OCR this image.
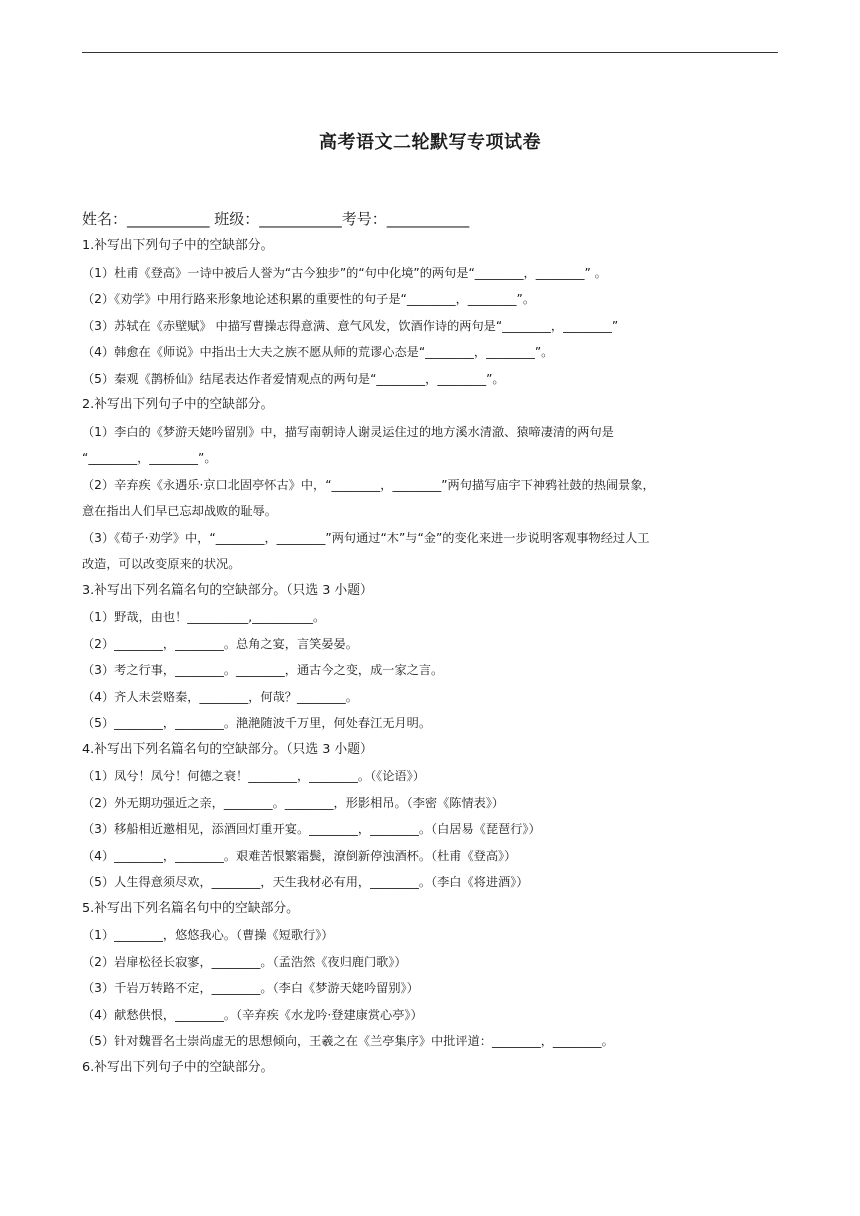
高考语文二轮默写专项试卷
姓名：___________ 班级：___________考号：___________
1.补写出下列句子中的空缺部分。
（1）杜甫《登高》一诗中被后人誉为“古今独步”的“句中化境”的两句是“________，________” 。
（2）《劝学》中用行路来形象地论述积累的重要性的句子是“________，________”。
（3）苏轼在《赤壁赋》 中描写曹操志得意满、意气风发，饮酒作诗的两句是“________，________”
（4）韩愈在《师说》中指出士大夫之族不愿从师的荒谬心态是“________，________”。
（5）秦观《鹊桥仙》结尾表达作者爱情观点的两句是“________，________”。
2.补写出下列句子中的空缺部分。
（1）李白的《梦游天姥吟留别》中，描写南朝诗人谢灵运住过的地方溪水清澈、猿啼凄清的两句是
“________，________”。
（2）辛弃疾《永遇乐·京口北固亭怀古》中，“________，________”两句描写庙宇下神鸦社鼓的热闹景象，
意在指出人们早已忘却战败的耻辱。
（3）《荀子·劝学》中，“________，________”两句通过“木”与“金”的变化来进一步说明客观事物经过人工
改造，可以改变原来的状况。
3.补写出下列名篇名句的空缺部分。（只选 3 小题）
（1）野哉，由也！__________,__________。
（2）________，________。总角之宴，言笑晏晏。
（3）考之行事，________。________，通古今之变，成一家之言。
（4）齐人未尝赂秦，________，何哉？________。
（5）________，________。滟滟随波千万里，何处春江无月明。
4.补写出下列名篇名句的空缺部分。（只选 3 小题）
（1）凤兮！凤兮！何德之衰！________，________。（《论语》）
（2）外无期功强近之亲，________。________，形影相吊。（李密《陈情表》）
（3）移船相近邀相见，添酒回灯重开宴。________，________。（白居易《琵琶行》）
（4）________，________。艰难苦恨繁霜鬓，潦倒新停浊酒杯。（杜甫《登高》）
（5）人生得意须尽欢，________，天生我材必有用，________。（李白《将进酒》）
5.补写出下列名篇名句中的空缺部分。
（1）________，悠悠我心。（曹操《短歌行》）
（2）岩扉松径长寂寥，________。（孟浩然《夜归鹿门歌》）
（3）千岩万转路不定，________。（李白《梦游天姥吟留别》）
（4）献愁供恨，________。（辛弃疾《水龙吟·登建康赏心亭》）
（5）针对魏晋名士崇尚虚无的思想倾向，王羲之在《兰亭集序》中批评道：________，________。
6.补写出下列句子中的空缺部分。
